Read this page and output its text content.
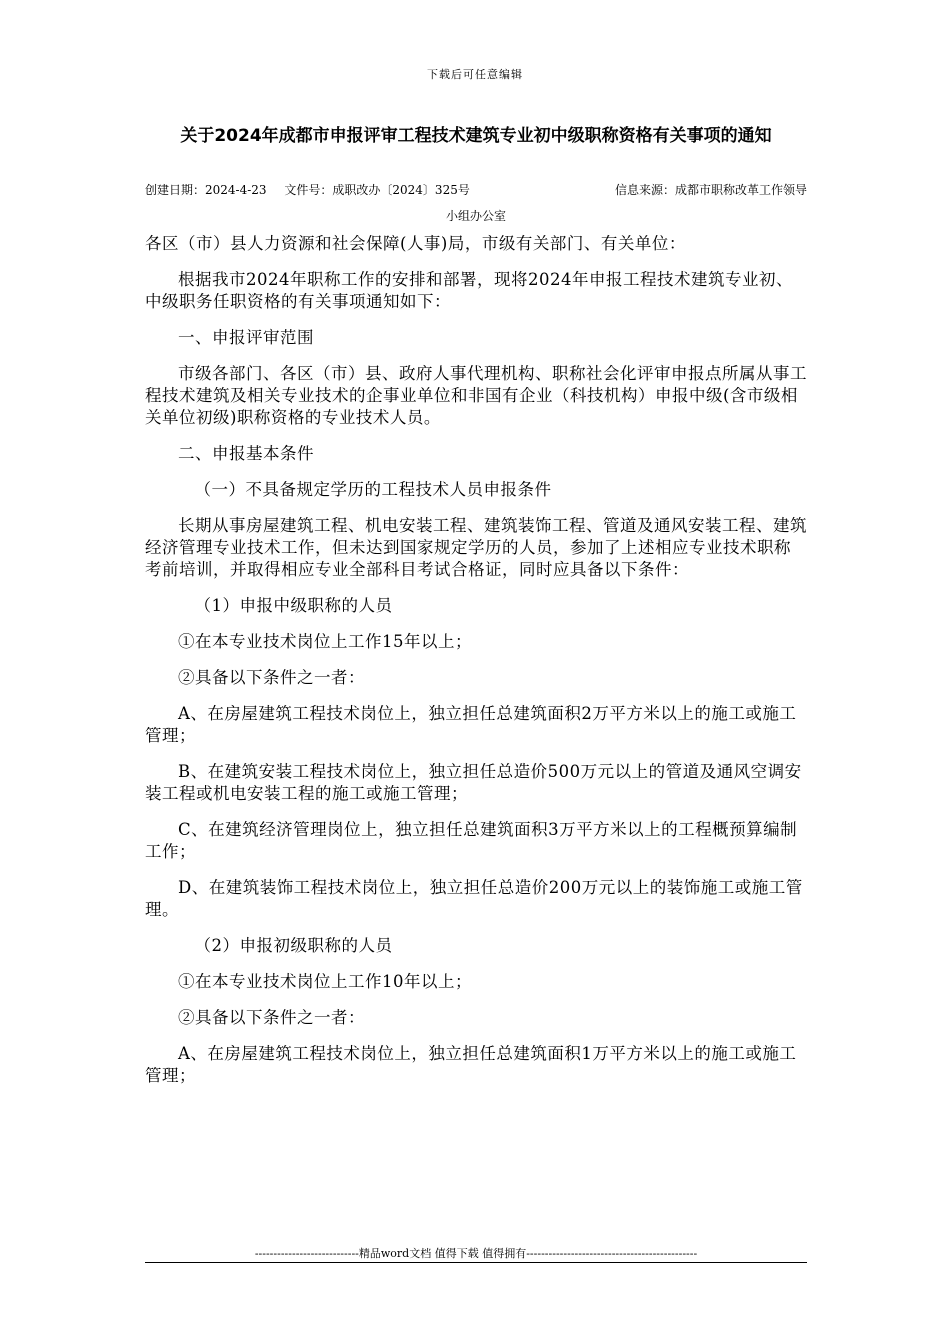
下载后可任意编辑
关于2024年成都市申报评审工程技术建筑专业初中级职称资格有关事项的通知
创建日期：2024-4-23 文件号：成职改办〔2024〕325号	信息来源：成都市职称改革工作领导
小组办公室

各区（市）县人力资源和社会保障(人事)局，市级有关部门、有关单位：

根据我市2024年职称工作的安排和部署，现将2024年申报工程技术建筑专业初、中级职务任职资格的有关事项通知如下：

一、申报评审范围

市级各部门、各区（市）县、政府人事代理机构、职称社会化评审申报点所属从事工程技术建筑及相关专业技术的企事业单位和非国有企业（科技机构）申报中级(含市级相关单位初级)职称资格的专业技术人员。

二、申报基本条件

（一）不具备规定学历的工程技术人员申报条件

长期从事房屋建筑工程、机电安装工程、建筑装饰工程、管道及通风安装工程、建筑经济管理专业技术工作，但未达到国家规定学历的人员，参加了上述相应专业技术职称考前培训，并取得相应专业全部科目考试合格证，同时应具备以下条件：

（1）申报中级职称的人员

①在本专业技术岗位上工作15年以上；

②具备以下条件之一者：

A、在房屋建筑工程技术岗位上，独立担任总建筑面积2万平方米以上的施工或施工管理；

B、在建筑安装工程技术岗位上，独立担任总造价500万元以上的管道及通风空调安装工程或机电安装工程的施工或施工管理；

C、在建筑经济管理岗位上，独立担任总建筑面积3万平方米以上的工程概预算编制工作；

D、在建筑装饰工程技术岗位上，独立担任总造价200万元以上的装饰施工或施工管理。

（2）申报初级职称的人员

①在本专业技术岗位上工作10年以上；

②具备以下条件之一者：

A、在房屋建筑工程技术岗位上，独立担任总建筑面积1万平方米以上的施工或施工管理；

----------------------------精品word文档 值得下载 值得拥有----------------------------------------------
